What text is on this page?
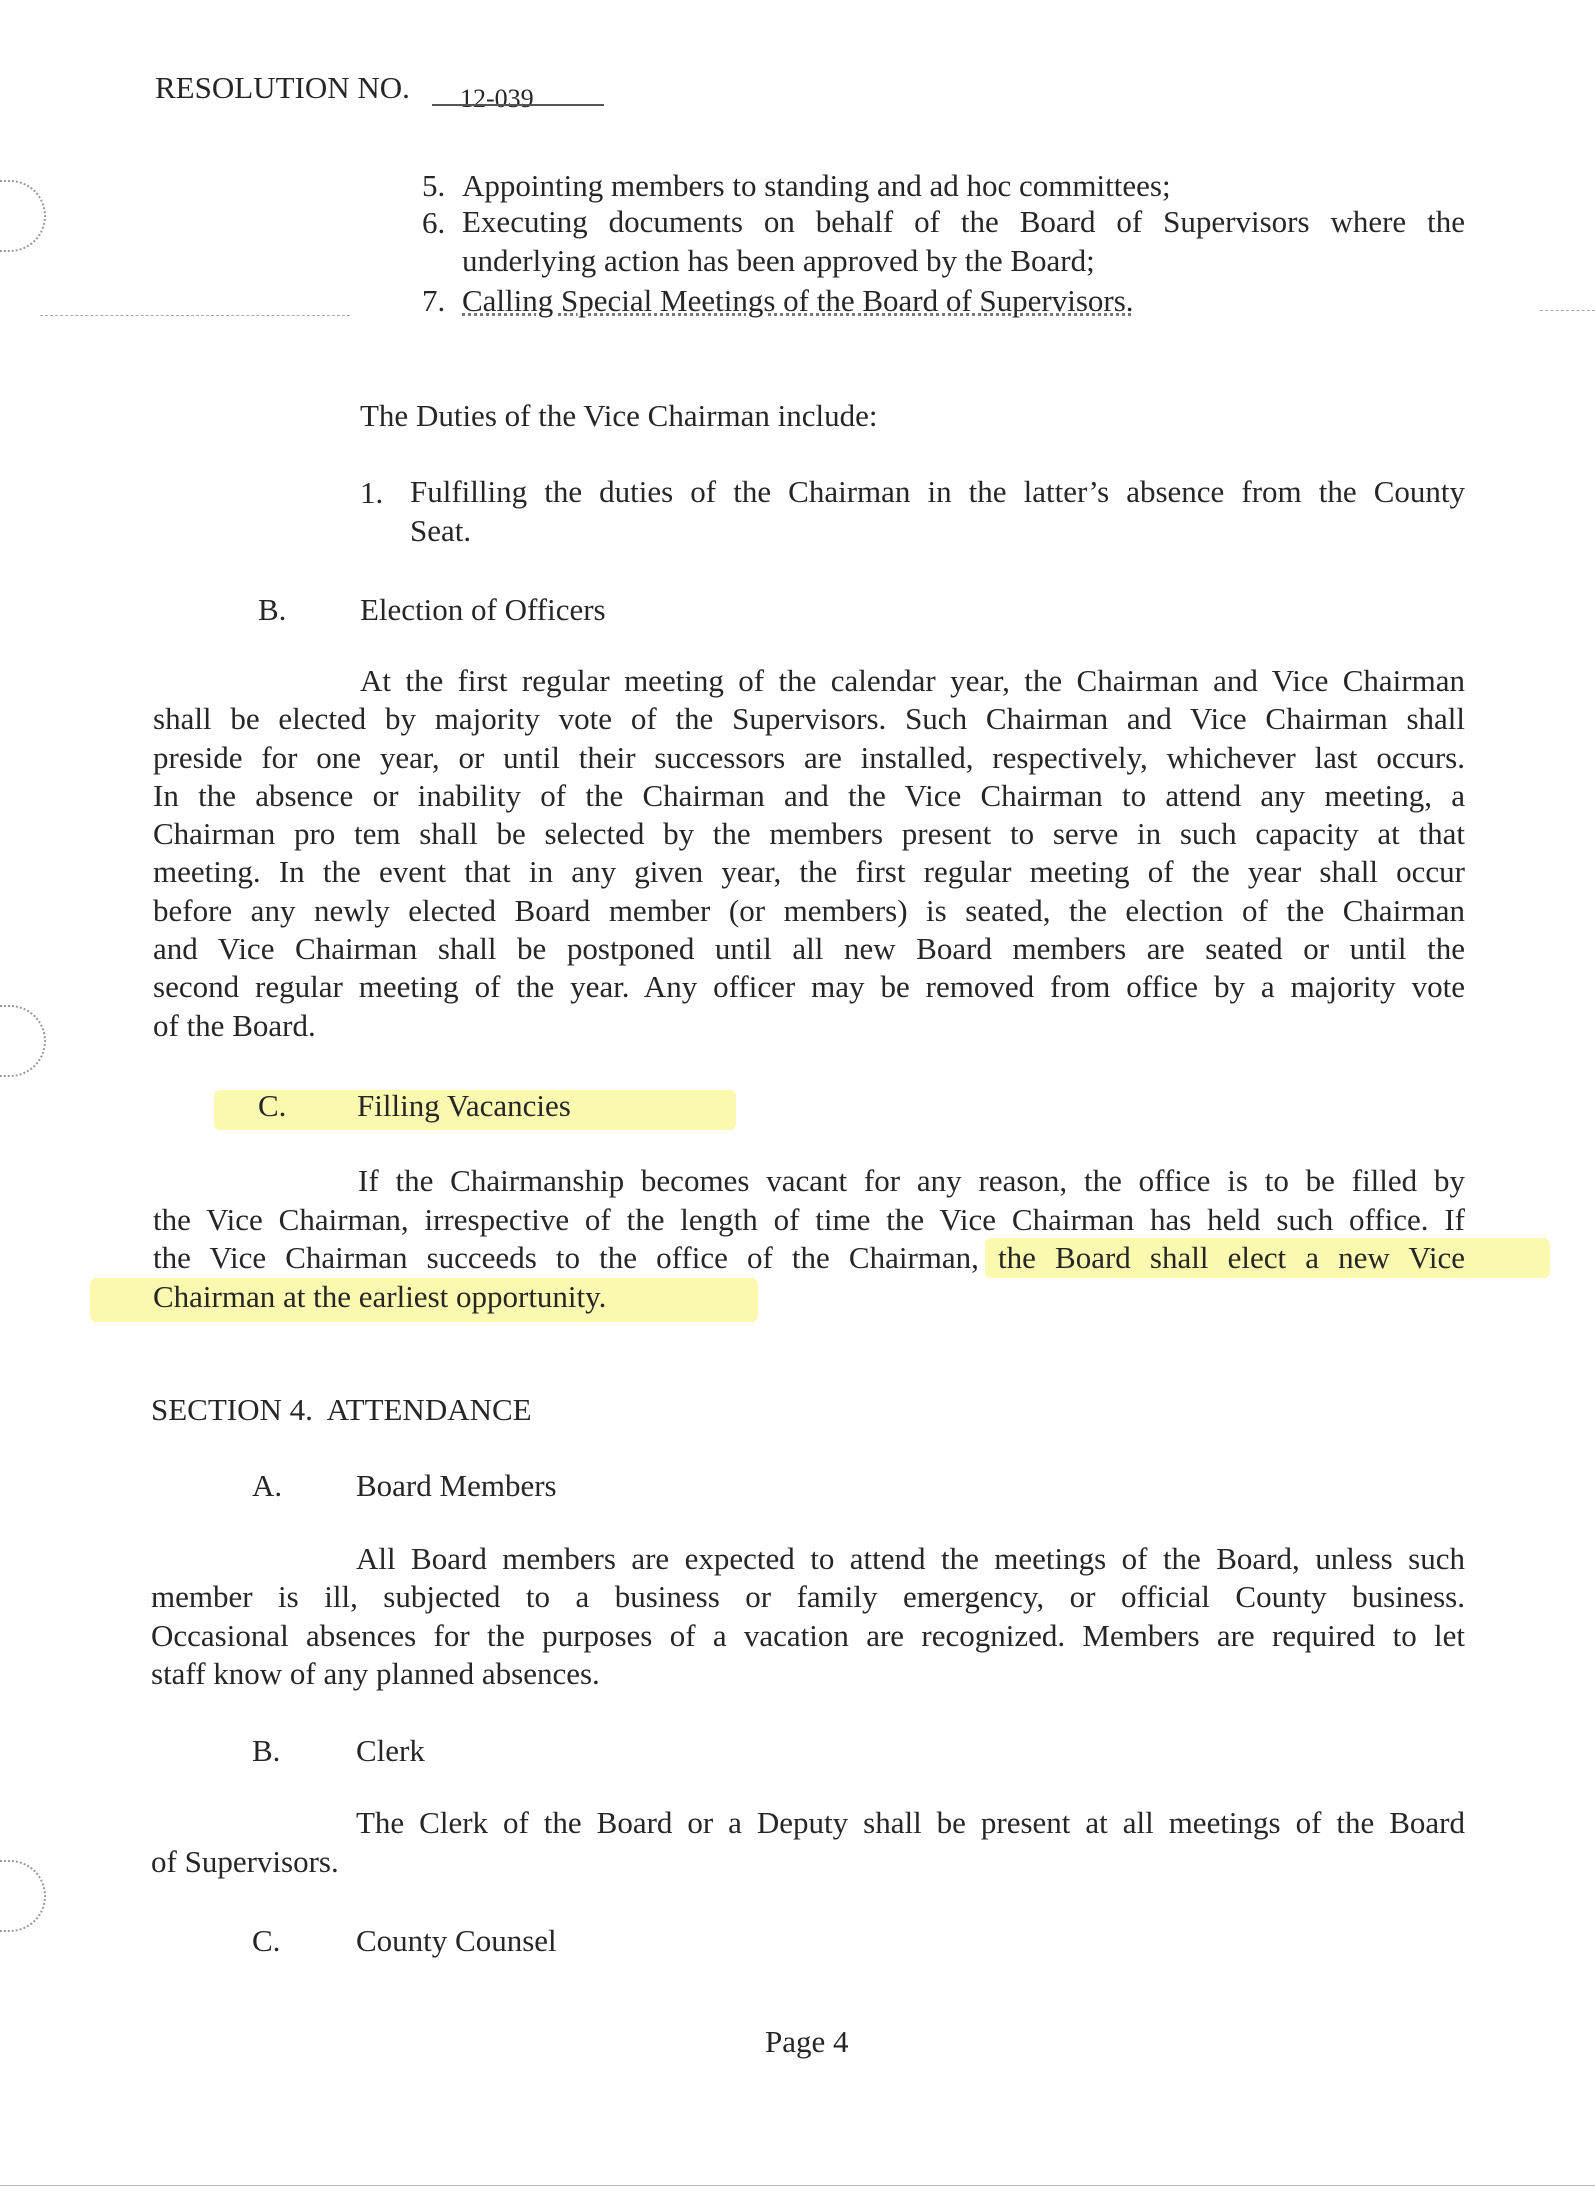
RESOLUTION NO. 12-039
5. Appointing members to standing and ad hoc committees;
6. Executing documents on behalf of the Board of Supervisors where the
underlying action has been approved by the Board;
7. Calling Special Meetings of the Board of Supervisors.
The Duties of the Vice Chairman include:
1. Fulfilling the duties of the Chairman in the latter’s absence from the County
Seat.
B. Election of Officers
At the first regular meeting of the calendar year, the Chairman and Vice Chairman
shall be elected by majority vote of the Supervisors. Such Chairman and Vice Chairman shall
preside for one year, or until their successors are installed, respectively, whichever last occurs.
In the absence or inability of the Chairman and the Vice Chairman to attend any meeting, a
Chairman pro tem shall be selected by the members present to serve in such capacity at that
meeting. In the event that in any given year, the first regular meeting of the year shall occur
before any newly elected Board member (or members) is seated, the election of the Chairman
and Vice Chairman shall be postponed until all new Board members are seated or until the
second regular meeting of the year. Any officer may be removed from office by a majority vote
of the Board.
C. Filling Vacancies
If the Chairmanship becomes vacant for any reason, the office is to be filled by
the Vice Chairman, irrespective of the length of time the Vice Chairman has held such office. If
the Vice Chairman succeeds to the office of the Chairman, the Board shall elect a new Vice
Chairman at the earliest opportunity.
SECTION 4.  ATTENDANCE
A. Board Members
All Board members are expected to attend the meetings of the Board, unless such
member is ill, subjected to a business or family emergency, or official County business.
Occasional absences for the purposes of a vacation are recognized. Members are required to let
staff know of any planned absences.
B. Clerk
The Clerk of the Board or a Deputy shall be present at all meetings of the Board
of Supervisors.
C. County Counsel
Page 4
